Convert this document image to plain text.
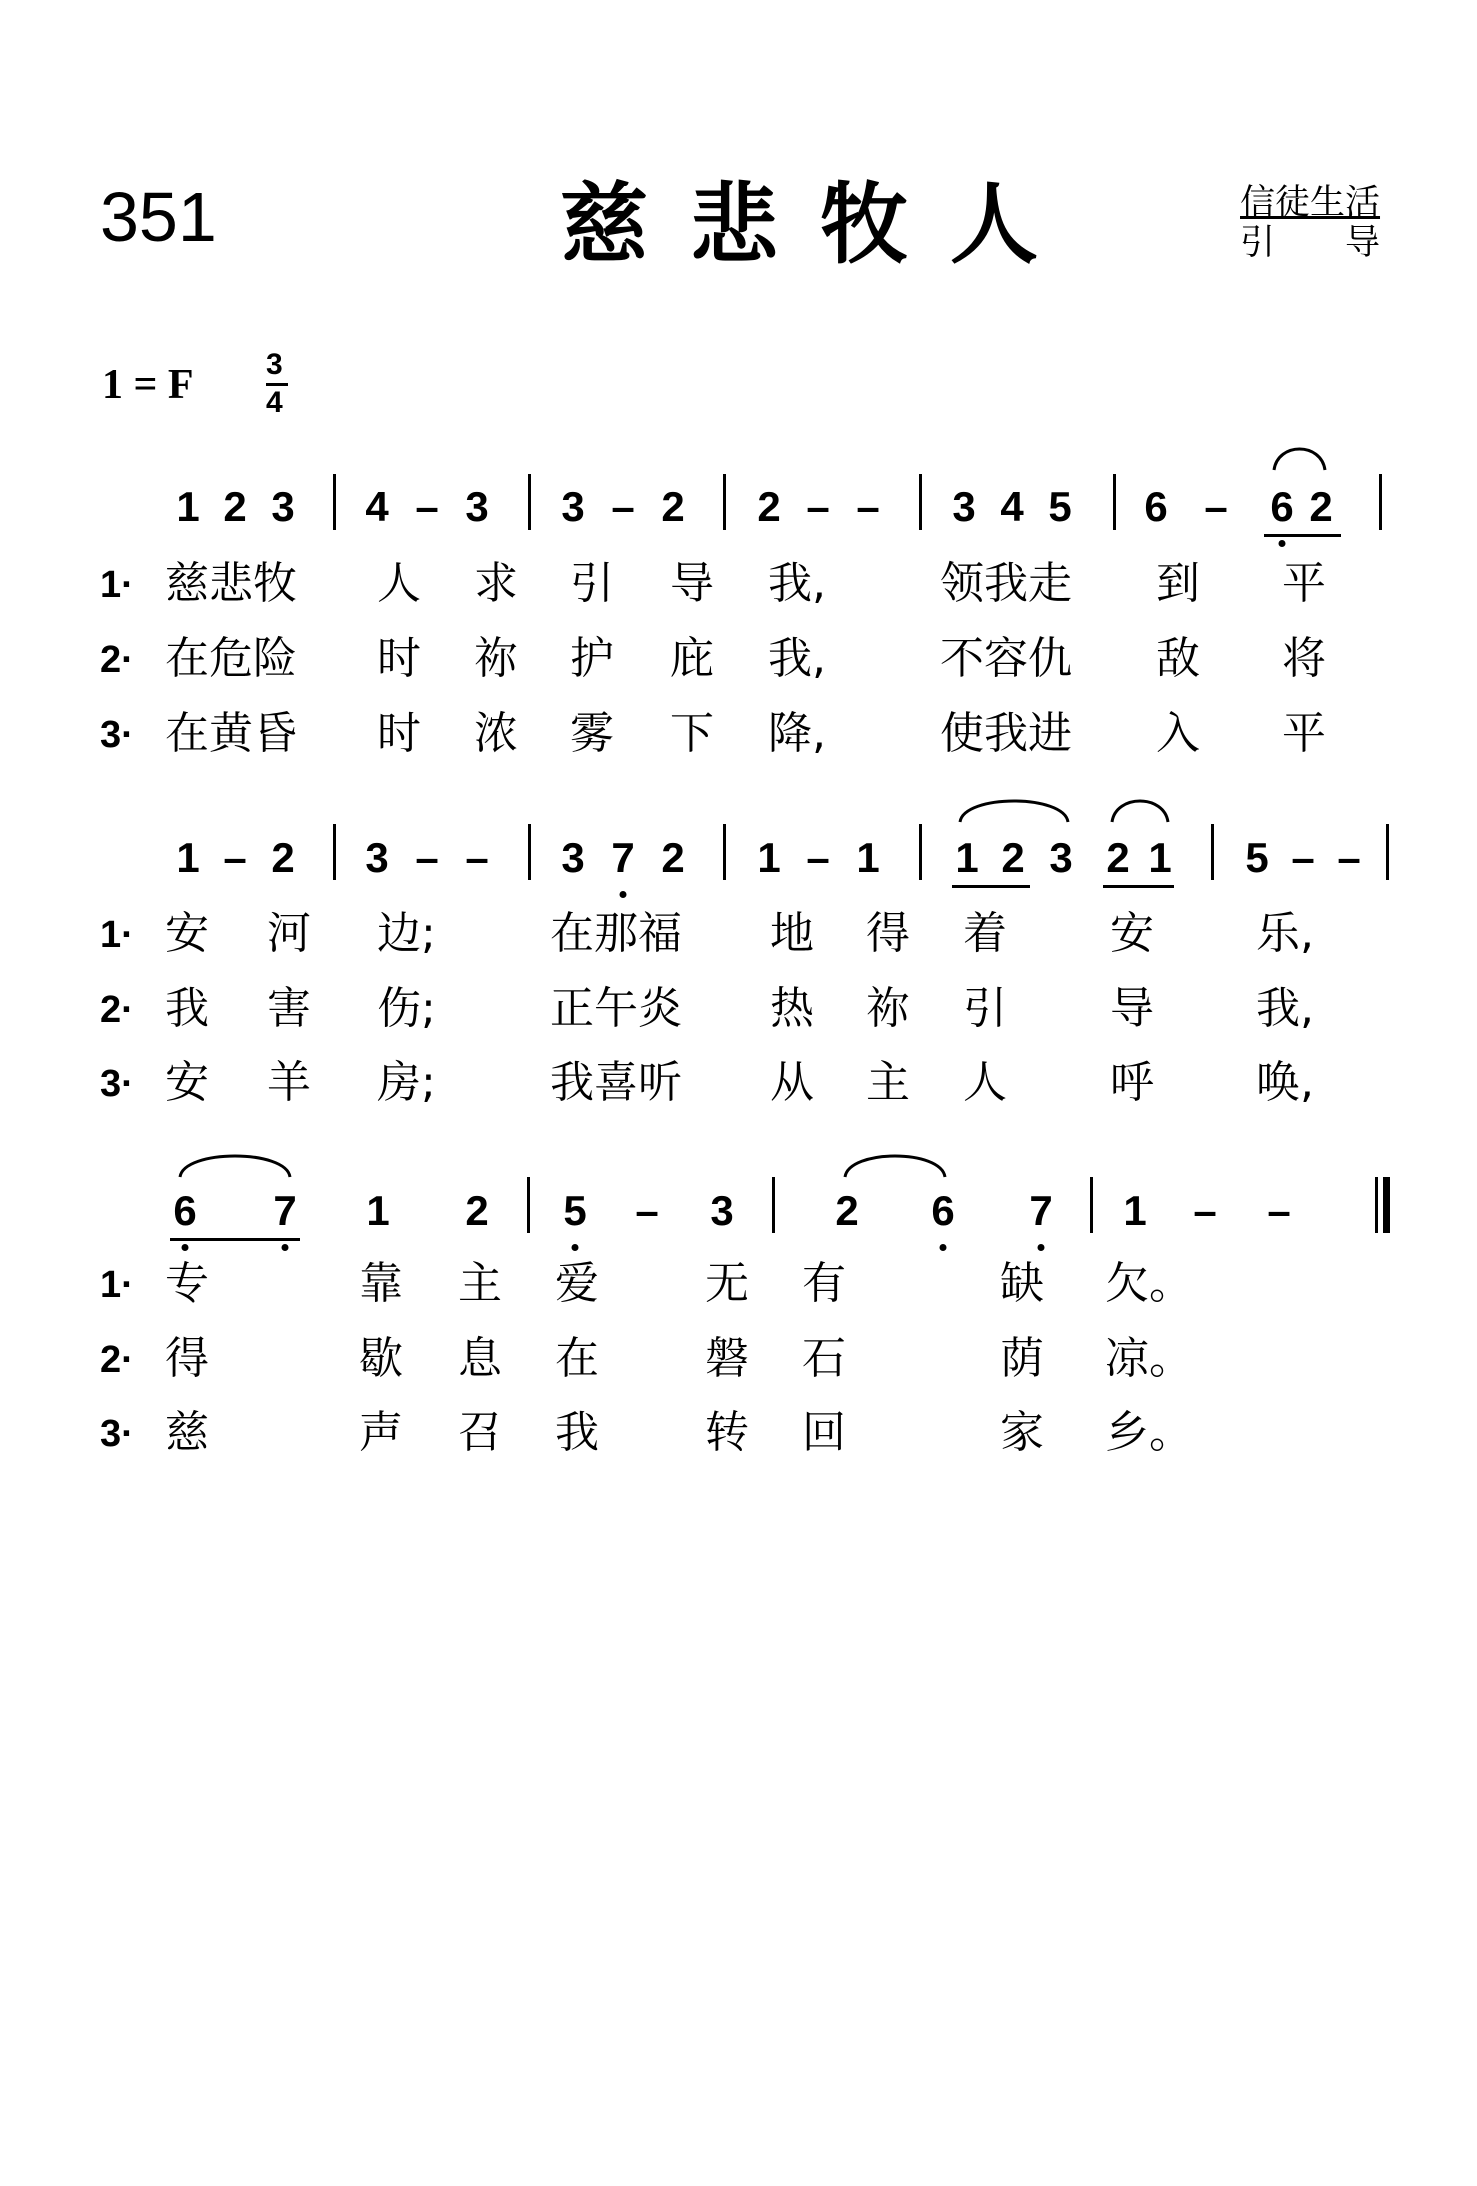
351	慈悲牧人	信徒生活
引 导
1 = F 3
4
1 2 3 4 – 3 3 – 2 2 – – 3 4 5 6 – 6 2
1· 慈悲牧 人 求 引 导 我,	领我走 到 平
2· 在危险 时 祢 护 庇 我,	不容仇 敌 将
3· 在黄昏 时 浓 雾 下 降,	使我进 入 平
1 – 2 3 – – 3 7 2 1 – 1 1 2 3 2 1 5 – –
1· 安 河 边;	在那福 地 得 着 安 乐,
2· 我 害 伤;	正午炎 热 祢 引 导 我,
3· 安 羊 房;	我喜听 从 主 人 呼 唤,
6 7 1 2 5 – 3 2 6 7 1 – –
1· 专	靠 主 爱 无 有	缺 欠。
2· 得	歇 息 在 磐 石	荫 凉。
3· 慈	声 召 我 转 回	家 乡。
